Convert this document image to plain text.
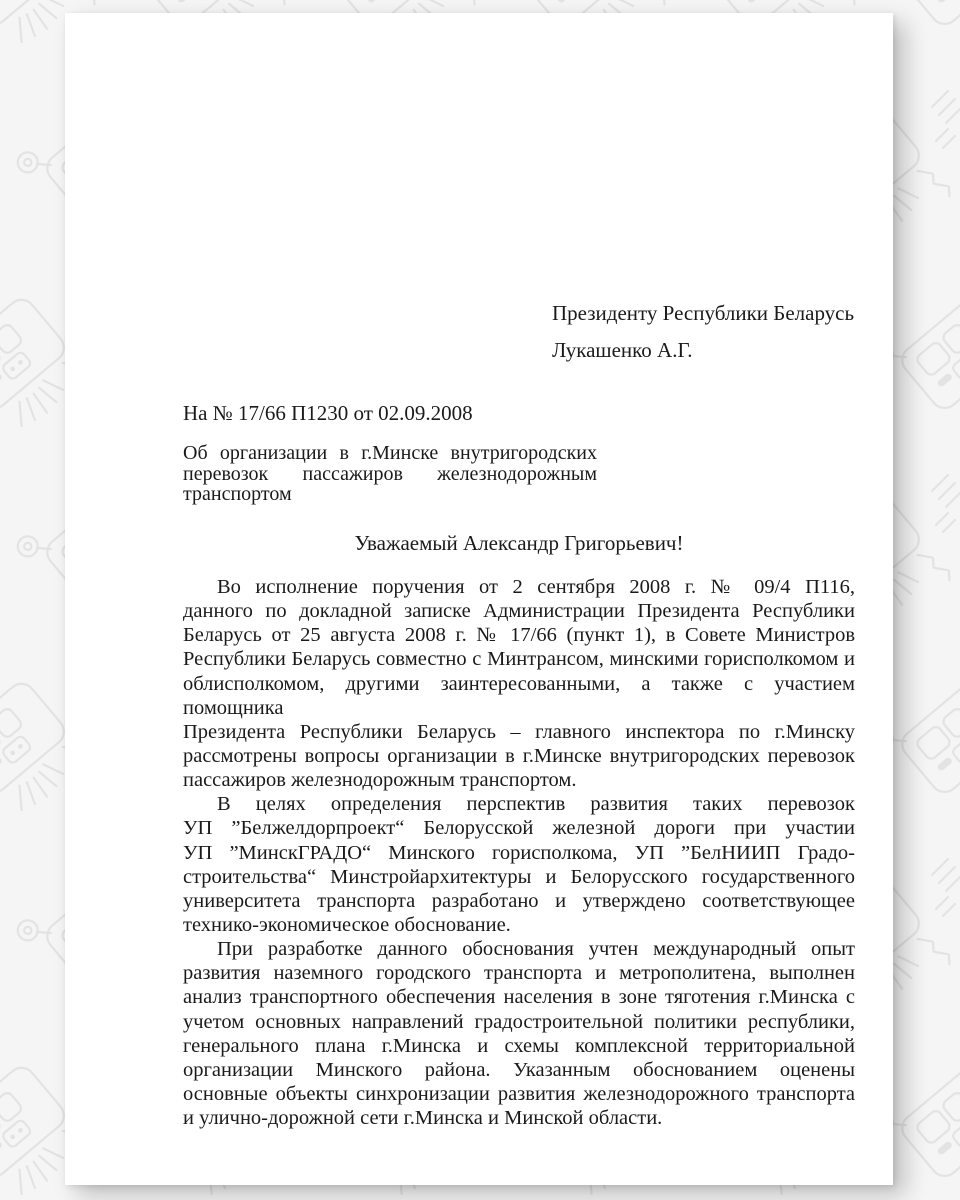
Президенту Республики Беларусь
Лукашенко А.Г.
На № 17/66 П1230 от 02.09.2008
Об организации в г.Минске внутригородских
перевозок пассажиров железнодорожным
транспортом
Уважаемый Александр Григорьевич!
Во исполнение поручения от 2 сентября 2008 г. № 09/4 П116,
данного по докладной записке Администрации Президента Республики
Беларусь от 25 августа 2008 г. № 17/66 (пункт 1), в Совете Министров
Республики Беларусь совместно с Минтрансом, минскими горисполкомом и
облисполкомом, другими заинтересованными, а также с участием помощника
Президента Республики Беларусь – главного инспектора по г.Минску
рассмотрены вопросы организации в г.Минске внутригородских перевозок
пассажиров железнодорожным транспортом.
В целях определения перспектив развития таких перевозок
УП ”Белжелдорпроект“ Белорусской железной дороги при участии
УП ”МинскГРАДО“ Минского горисполкома, УП ”БелНИИП Градо-
строительства“ Минстройархитектуры и Белорусского государственного
университета транспорта разработано и утверждено соответствующее
технико-экономическое обоснование.
При разработке данного обоснования учтен международный опыт
развития наземного городского транспорта и метрополитена, выполнен
анализ транспортного обеспечения населения в зоне тяготения г.Минска с
учетом основных направлений градостроительной политики республики,
генерального плана г.Минска и схемы комплексной территориальной
организации Минского района. Указанным обоснованием оценены
основные объекты синхронизации развития железнодорожного транспорта
и улично-дорожной сети г.Минска и Минской области.
